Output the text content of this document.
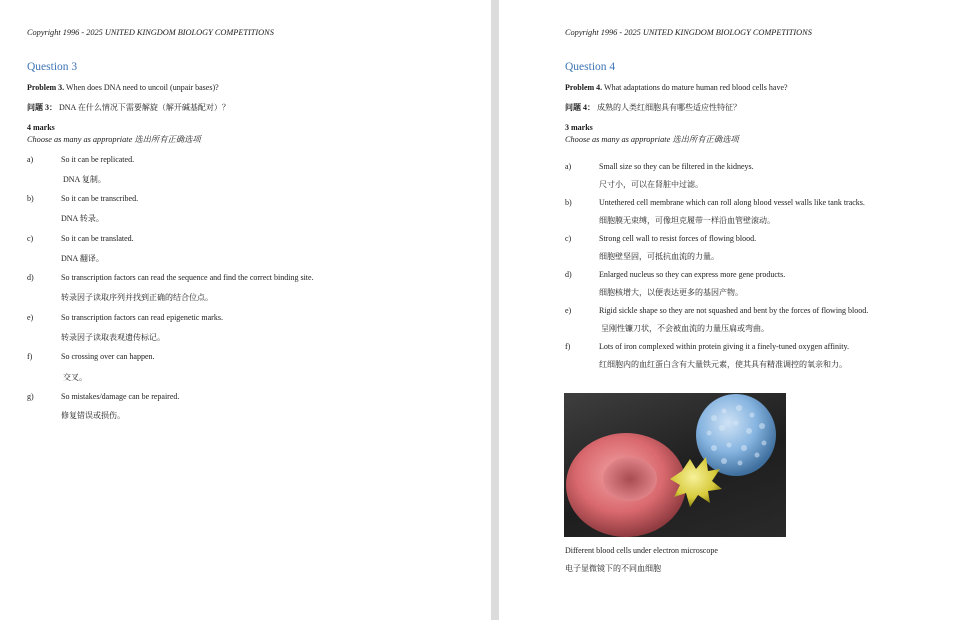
Copyright 1996 - 2025 UNITED KINGDOM BIOLOGY COMPETITIONS
Question 3
Problem 3. When does DNA need to uncoil (unpair bases)?
问题 3： DNA 在什么情况下需要解旋（解开碱基配对）？
4 marks
Choose as many as appropriate 选出所有正确选项
a)	So it can be replicated.
DNA 复制。
b)	So it can be transcribed.
DNA 转录。
c)	So it can be translated.
DNA 翻译。
d)	So transcription factors can read the sequence and find the correct binding site.
转录因子读取序列并找到正确的结合位点。
e)	So transcription factors can read epigenetic marks.
转录因子读取表观遗传标记。
f)	So crossing over can happen.
交叉。
g)	So mistakes/damage can be repaired.
修复错误或损伤。
Copyright 1996 - 2025 UNITED KINGDOM BIOLOGY COMPETITIONS
Question 4
Problem 4. What adaptations do mature human red blood cells have?
问题 4： 成熟的人类红细胞具有哪些适应性特征？
3 marks
Choose as many as appropriate 选出所有正确选项
a)	Small size so they can be filtered in the kidneys.
尺寸小，可以在肾脏中过滤。
b)	Untethered cell membrane which can roll along blood vessel walls like tank tracks.
细胞膜无束缚，可像坦克履带一样沿血管壁滚动。
c)	Strong cell wall to resist forces of flowing blood.
细胞壁坚固，可抵抗血流的力量。
d)	Enlarged nucleus so they can express more gene products.
细胞核增大，以便表达更多的基因产物。
e)	Rigid sickle shape so they are not squashed and bent by the forces of flowing blood.
呈刚性镰刀状，不会被血流的力量压扁或弯曲。
f)	Lots of iron complexed within protein giving it a finely-tuned oxygen affinity.
红细胞内的血红蛋白含有大量铁元素，使其具有精准调控的氧亲和力。
Different blood cells under electron microscope
电子显微镜下的不同血细胞
